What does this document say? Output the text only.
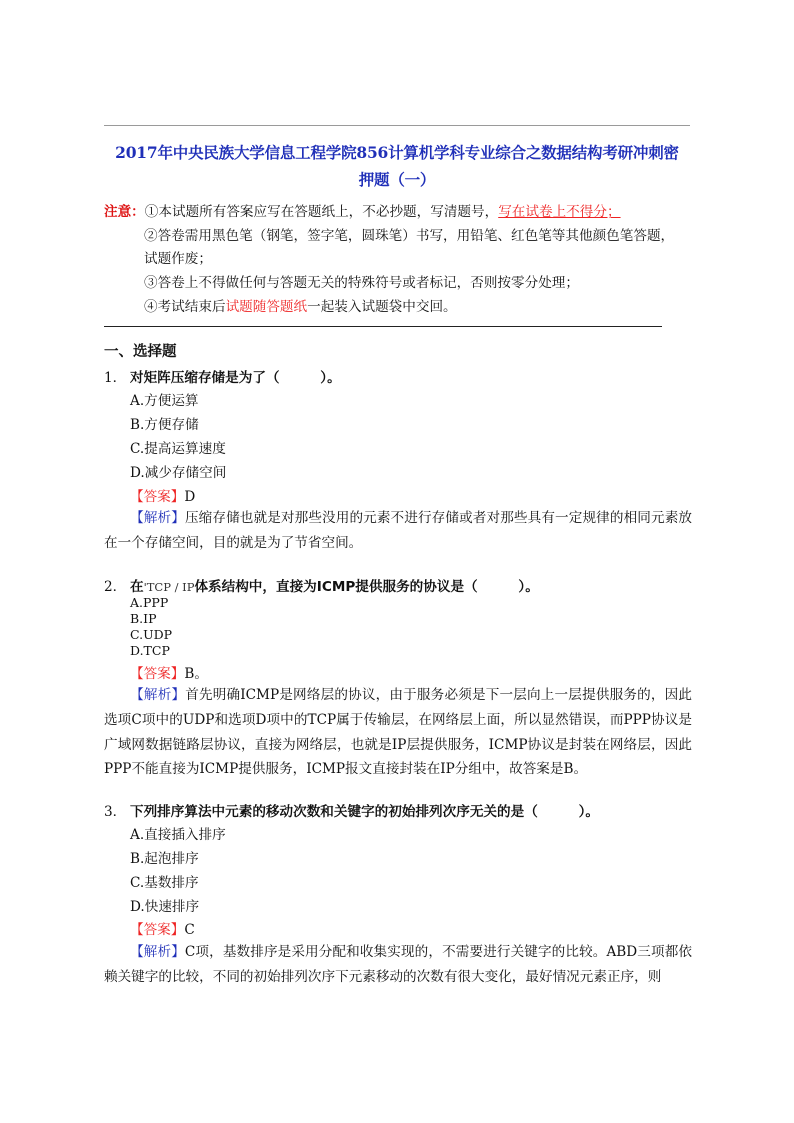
2017年中央民族大学信息工程学院856计算机学科专业综合之数据结构考研冲刺密
押题（一）
注意：①本试题所有答案应写在答题纸上，不必抄题，写清题号，写在试卷上不得分；
②答卷需用黑色笔（钢笔，签字笔，圆珠笔）书写，用铅笔、红色笔等其他颜色笔答题，
试题作废；
③答卷上不得做任何与答题无关的特殊符号或者标记，否则按零分处理；
④考试结束后试题随答题纸一起装入试题袋中交回。
一、选择题
1． 对矩阵压缩存储是为了（　　　）。
A.方便运算
B.方便存储
C.提高运算速度
D.减少存储空间
【答案】D
【解析】压缩存储也就是对那些没用的元素不进行存储或者对那些具有一定规律的相同元素放在一个存储空间，目的就是为了节省空间。
2． 在'TCP / IP体系结构中，直接为ICMP提供服务的协议是（　　　）。
A.PPP
B.IP
C.UDP
D.TCP
【答案】B。
【解析】首先明确ICMP是网络层的协议，由于服务必须是下一层向上一层提供服务的，因此选项C项中的UDP和选项D项中的TCP属于传输层，在网络层上面，所以显然错误，而PPP协议是广域网数据链路层协议，直接为网络层，也就是IP层提供服务，ICMP协议是封装在网络层，因此PPP不能直接为ICMP提供服务，ICMP报文直接封装在IP分组中，故答案是B。
3． 下列排序算法中元素的移动次数和关键字的初始排列次序无关的是（　　　）。
A.直接插入排序
B.起泡排序
C.基数排序
D.快速排序
【答案】C
【解析】C项，基数排序是采用分配和收集实现的，不需要进行关键字的比较。ABD三项都依赖关键字的比较，不同的初始排列次序下元素移动的次数有很大变化，最好情况元素正序，则
